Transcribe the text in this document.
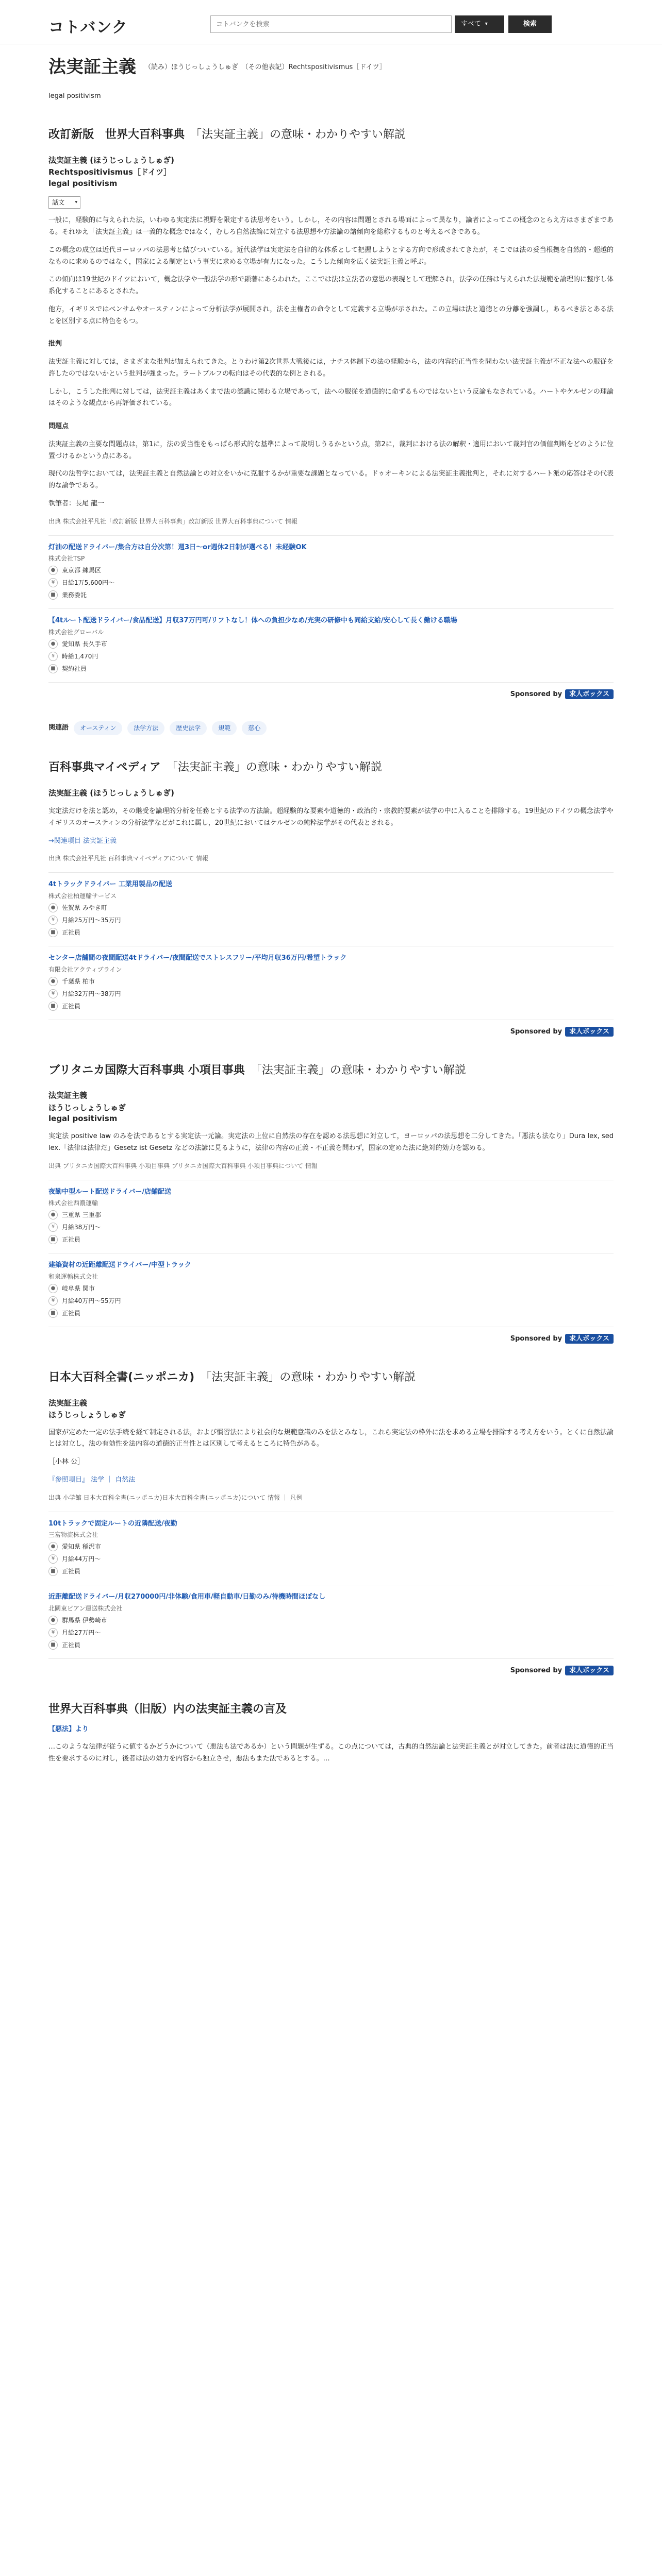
コトバンク
コトバンクを検索	すべて ▾	検索
法実証主義 （読み）ほうじっしょうしゅぎ　（その他表記）Rechtspositivismus［ドイツ］
legal positivism
改訂新版　世界大百科事典　 「法実証主義」の意味・わかりやすい解説
法実証主義 (ほうじっしょうしゅぎ)
Rechtspositivismus［ドイツ］
legal positivism
話文 ▾

一般に，経験的に与えられた法，いわゆる実定法に視野を限定する法思考をいう。しかし，その内容は問題とされる場面によって異なり，論者によってこの概念のとらえ方はさまざまである。それゆえ「法実証主義」は一義的な概念ではなく，むしろ自然法論に対立する法思想や方法論の諸傾向を総称するものと考えるべきである。

この概念の成立は近代ヨーロッパの法思考と結びついている。近代法学は実定法を自律的な体系として把握しようとする方向で形成されてきたが，そこでは法の妥当根拠を自然的・超越的なものに求めるのではなく，国家による制定という事実に求める立場が有力になった。こうした傾向を広く法実証主義と呼ぶ。

この傾向は19世紀のドイツにおいて，概念法学や一般法学の形で顕著にあらわれた。ここでは法は立法者の意思の表現として理解され，法学の任務は与えられた法規範を論理的に整序し体系化することにあるとされた。

他方，イギリスではベンサムやオースティンによって分析法学が展開され，法を主権者の命令として定義する立場が示された。この立場は法と道徳との分離を強調し，あるべき法とある法とを区別する点に特色をもつ。

批判

法実証主義に対しては，さまざまな批判が加えられてきた。とりわけ第2次世界大戦後には，ナチス体制下の法の経験から，法の内容的正当性を問わない法実証主義が不正な法への服従を許したのではないかという批判が強まった。ラートブルフの転向はその代表的な例とされる。

しかし，こうした批判に対しては，法実証主義はあくまで法の認識に関わる立場であって，法への服従を道徳的に命ずるものではないという反論もなされている。ハートやケルゼンの理論はそのような観点から再評価されている。

問題点

法実証主義の主要な問題点は，第1に，法の妥当性をもっぱら形式的な基準によって説明しうるかという点，第2に，裁判における法の解釈・適用において裁判官の価値判断をどのように位置づけるかという点にある。

現代の法哲学においては，法実証主義と自然法論との対立をいかに克服するかが重要な課題となっている。ドゥオーキンによる法実証主義批判と，それに対するハート派の応答はその代表的な論争である。

執筆者：長尾 龍一

出典 株式会社平凡社「改訂新版 世界大百科事典」改訂新版 世界大百科事典について 情報
灯油の配送ドライバー/集合方は自分次第！週3日〜or週休2日制が選べる！未経験OK
株式会社TSP
●	東京都 練馬区
¥	日給1万5,600円〜
■	業務委託
【4tルート配送ドライバー/食品配送】月収37万円可/リフトなし！体への負担少なめ/充実の研修中も同給支給/安心して長く働ける職場
株式会社グローバル
●	愛知県 長久手市
¥	時給1,470円
■	契約社員
Sponsored by 求人ボックス
関連語	オースティン	法学方法	歴史法学	規範	慈心
百科事典マイペディア　 「法実証主義」の意味・わかりやすい解説
法実証主義 (ほうじっしょうしゅぎ)

実定法だけを法と認め，その継受を論理的分析を任務とする法学の方法論。超経験的な要素や道徳的・政治的・宗教的要素が法学の中に入ることを排除する。19世紀のドイツの概念法学やイギリスのオースティンの分析法学などがこれに属し，20世紀においてはケルゼンの純粋法学がその代表とされる。

→関連項目 法実証主義

出典 株式会社平凡社 百科事典マイペディアについて 情報
4tトラックドライバー 工業用製品の配送
株式会社柏運輸サービス
●	佐賀県 みやき町
¥	月給25万円〜35万円
■	正社員
センター店舗間の夜間配送4tドライバー/夜間配送でストレスフリー/平均月収36万円/希望トラック
有限会社アクティブライン
●	千葉県 柏市
¥	月給32万円〜38万円
■	正社員
Sponsored by 求人ボックス
ブリタニカ国際大百科事典 小項目事典　 「法実証主義」の意味・わかりやすい解説
法実証主義
ほうじっしょうしゅぎ
legal positivism

実定法 positive law のみを法であるとする実定法一元論。実定法の上位に自然法の存在を認める法思想に対立して，ヨーロッパの法思想を二分してきた。「悪法も法なり」Dura lex, sed lex.「法律は法律だ」Gesetz ist Gesetz などの法諺に見るように，法律の内容の正義・不正義を問わず，国家の定めた法に絶対的効力を認める。

出典 ブリタニカ国際大百科事典 小項目事典 ブリタニカ国際大百科事典 小項目事典について 情報
夜勤中型ルート配送ドライバー/店舗配送
株式会社西濃運輸
●	三重県 三重郡
¥	月給38万円〜
■	正社員
建築資材の近距離配送ドライバー/中型トラック
和泉運輸株式会社
●	岐阜県 関市
¥	月給40万円〜55万円
■	正社員
Sponsored by 求人ボックス
日本大百科全書(ニッポニカ)　 「法実証主義」の意味・わかりやすい解説
法実証主義
ほうじっしょうしゅぎ

国家が定めた一定の法手続を経て制定される法，および慣習法により社会的な規範意識のみを法とみなし，これら実定法の枠外に法を求める立場を排除する考え方をいう。とくに自然法論とは対立し，法の有効性を法内容の道徳的正当性とは区別して考えるところに特色がある。

［小林 公］

『参照項目』 法学 ｜ 自然法

出典 小学館 日本大百科全書(ニッポニカ)日本大百科全書(ニッポニカ)について 情報 ｜ 凡例
10tトラックで固定ルートの近隣配送/夜勤
三富物流株式会社
●	愛知県 稲沢市
¥	月給44万円〜
■	正社員
近距離配送ドライバー/月収270000円/非体験/食用車/軽自動車/日勤のみ/待機時間ほぼなし
北關東ビアン運送株式会社
●	群馬県 伊勢崎市
¥	月給27万円〜
■	正社員
Sponsored by 求人ボックス
世界大百科事典（旧版）内の法実証主義の言及

【悪法】より

…このような法律が従うに値するかどうかについて（悪法も法であるか）という問題が生ずる。この点については，古典的自然法論と法実証主義とが対立してきた。前者は法に道徳的正当性を要求するのに対し，後者は法の効力を内容から独立させ，悪法もまた法であるとする。…
